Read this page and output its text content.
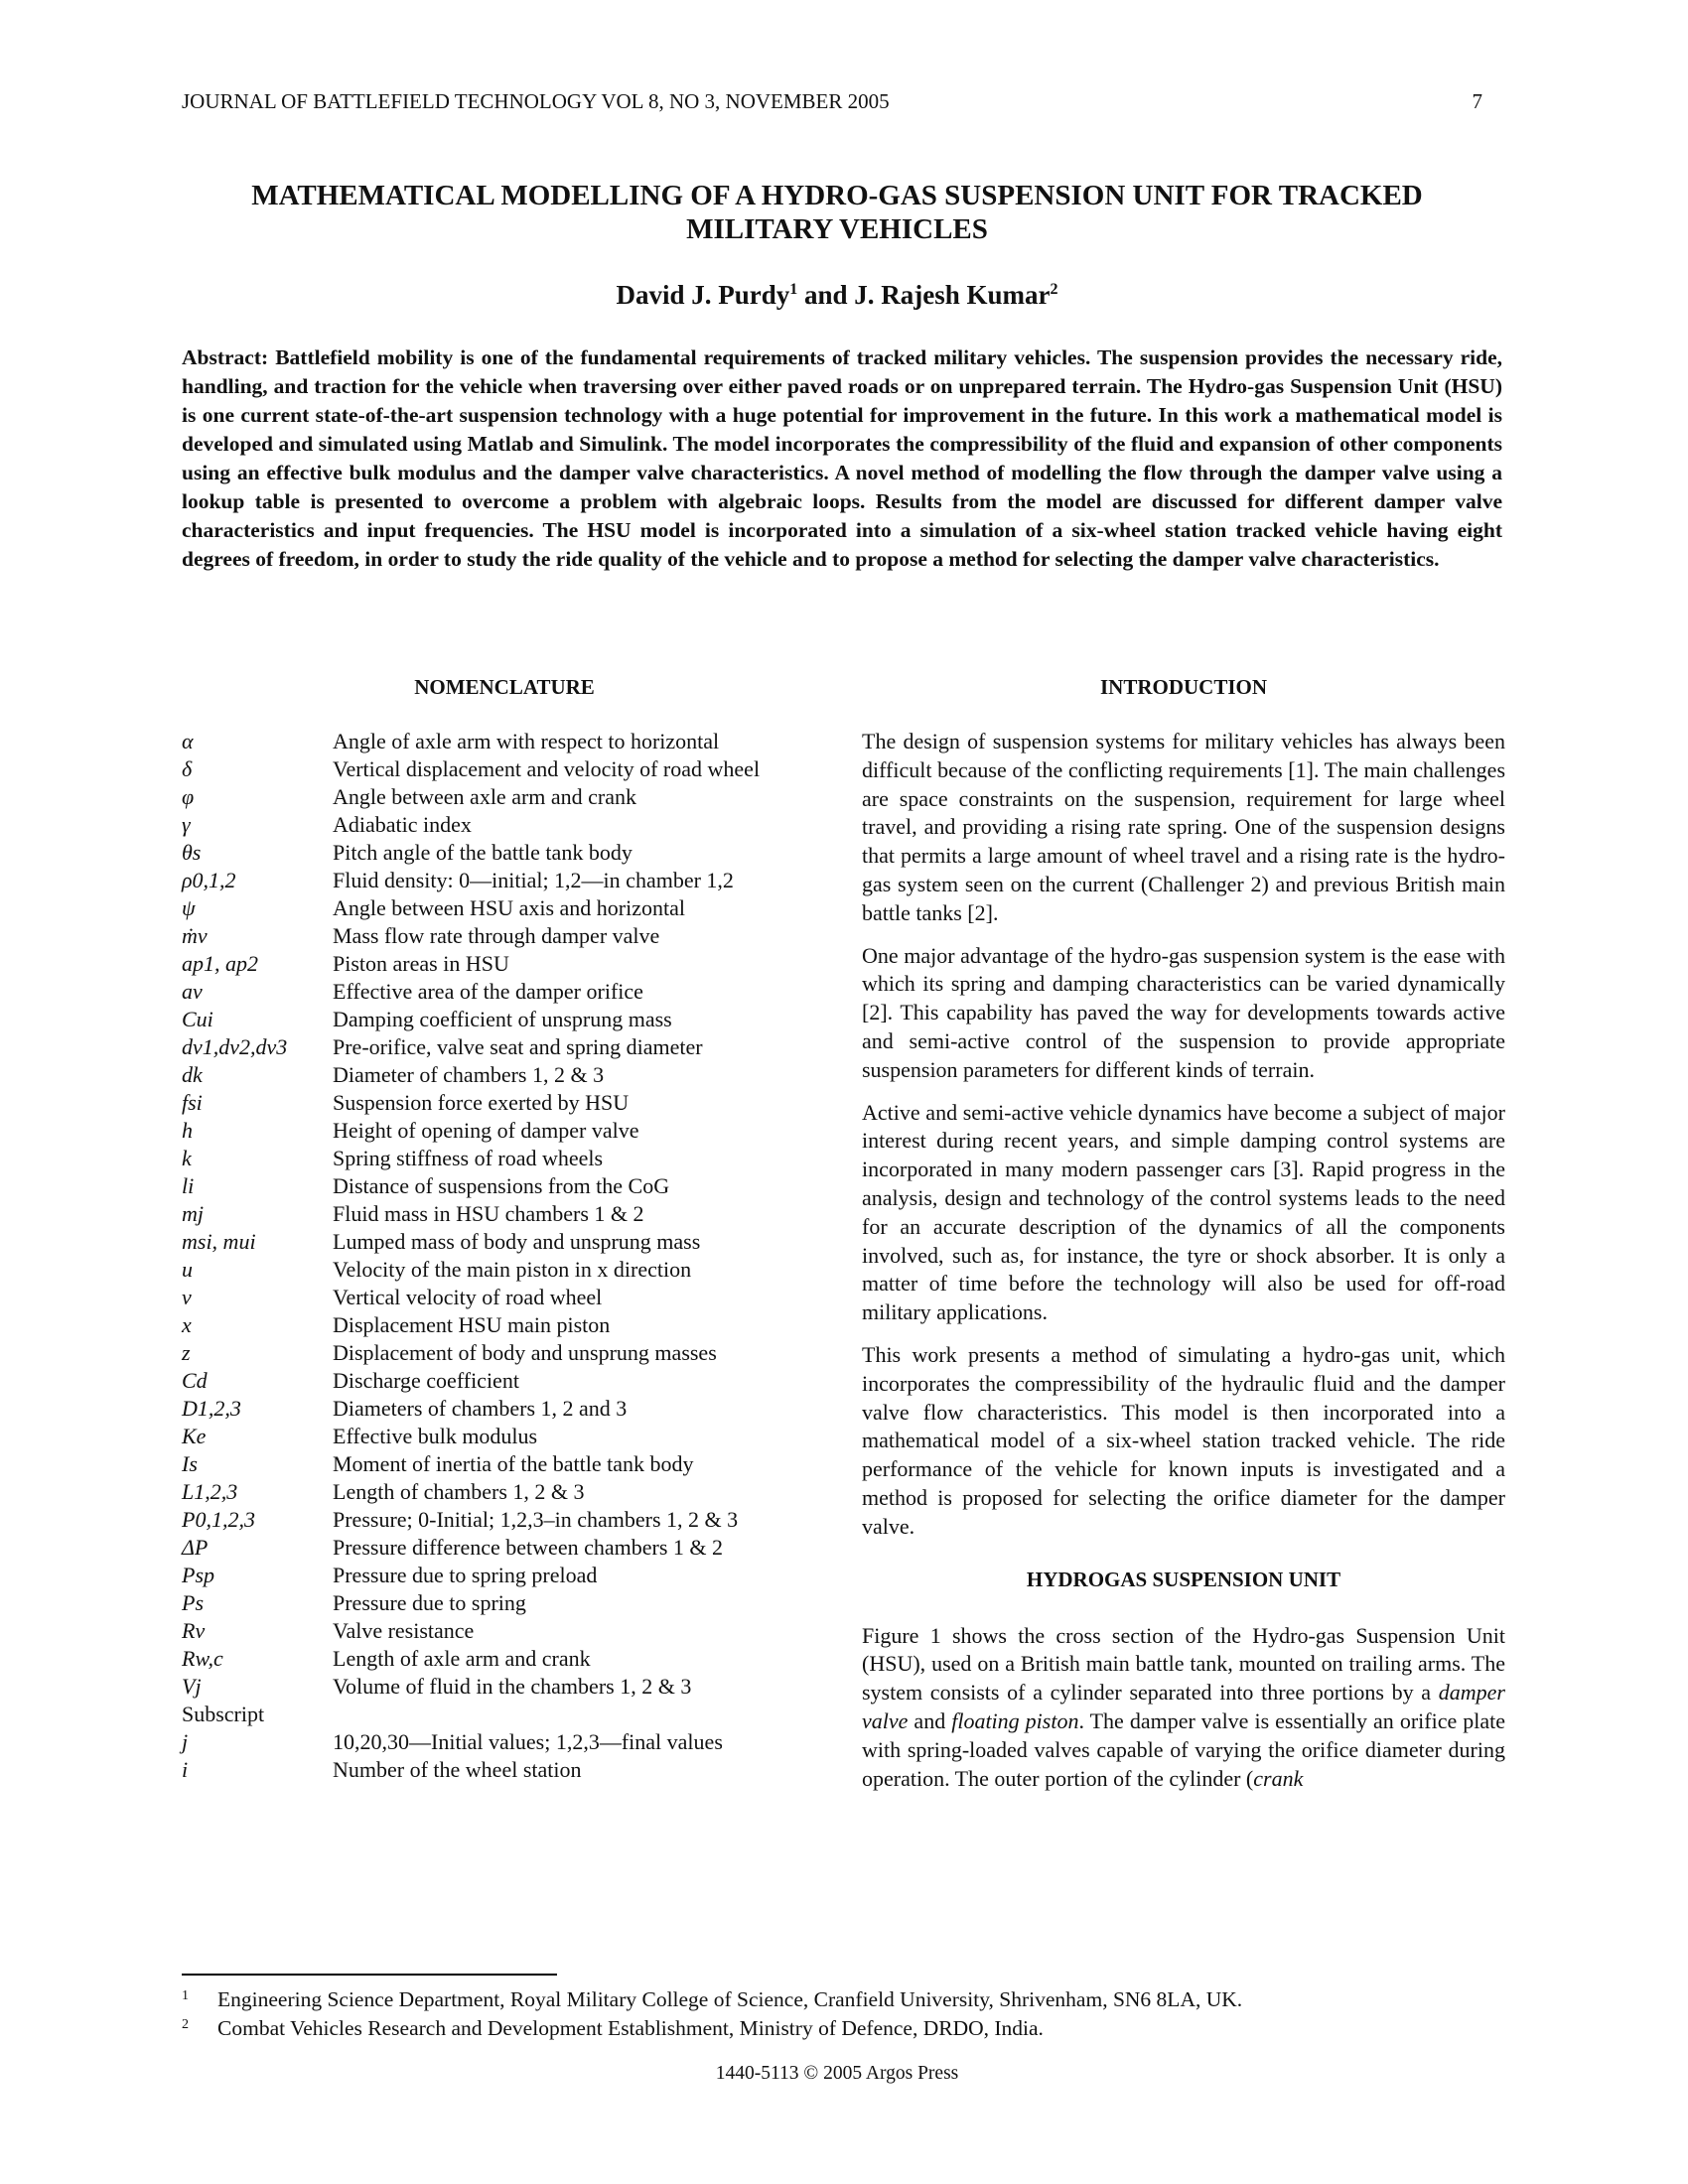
JOURNAL OF BATTLEFIELD TECHNOLOGY VOL 8, NO 3, NOVEMBER 2005	7
MATHEMATICAL MODELLING OF A HYDRO-GAS SUSPENSION UNIT FOR TRACKED
MILITARY VEHICLES
David J. Purdy$^1$ and J. Rajesh Kumar$^2$
Abstract: Battlefield mobility is one of the fundamental requirements of tracked military vehicles. The suspension provides the necessary ride, handling, and traction for the vehicle when traversing over either paved roads or on unprepared terrain. The Hydro-gas Suspension Unit (HSU) is one current state-of-the-art suspension technology with a huge potential for improvement in the future. In this work a mathematical model is developed and simulated using Matlab and Simulink. The model incorporates the compressibility of the fluid and expansion of other components using an effective bulk modulus and the damper valve characteristics. A novel method of modelling the flow through the damper valve using a lookup table is presented to overcome a problem with algebraic loops. Results from the model are discussed for different damper valve characteristics and input frequencies. The HSU model is incorporated into a simulation of a six-wheel station tracked vehicle having eight degrees of freedom, in order to study the ride quality of the vehicle and to propose a method for selecting the damper valve characteristics.
NOMENCLATURE
α	Angle of axle arm with respect to horizontal
δ	Vertical displacement and velocity of road wheel
φ	Angle between axle arm and crank
γ	Adiabatic index
θs	Pitch angle of the battle tank body
ρ0,1,2	Fluid density: 0—initial; 1,2—in chamber 1,2
ψ	Angle between HSU axis and horizontal
ṁv	Mass flow rate through damper valve
ap1, ap2	Piston areas in HSU
av	Effective area of the damper orifice
Cui	Damping coefficient of unsprung mass
dv1,dv2,dv3	Pre-orifice, valve seat and spring diameter
dk	Diameter of chambers 1, 2 & 3
fsi	Suspension force exerted by HSU
h	Height of opening of damper valve
k	Spring stiffness of road wheels
li	Distance of suspensions from the CoG
mj	Fluid mass in HSU chambers 1 & 2
msi, mui	Lumped mass of body and unsprung mass
u	Velocity of the main piston in x direction
v	Vertical velocity of road wheel
x	Displacement HSU main piston
z	Displacement of body and unsprung masses
Cd	Discharge coefficient
D1,2,3	Diameters of chambers 1, 2 and 3
Ke	Effective bulk modulus
Is	Moment of inertia of the battle tank body
L1,2,3	Length of chambers 1, 2 & 3
P0,1,2,3	Pressure; 0-Initial; 1,2,3–in chambers 1, 2 & 3
ΔP	Pressure difference between chambers 1 & 2
Psp	Pressure due to spring preload
Ps	Pressure due to spring
Rv	Valve resistance
Rw,c	Length of axle arm and crank
Vj	Volume of fluid in the chambers 1, 2 & 3
Subscript
j	10,20,30—Initial values; 1,2,3—final values
i	Number of the wheel station
INTRODUCTION

The design of suspension systems for military vehicles has always been difficult because of the conflicting requirements [1]. The main challenges are space constraints on the suspension, requirement for large wheel travel, and providing a rising rate spring. One of the suspension designs that permits a large amount of wheel travel and a rising rate is the hydro-gas system seen on the current (Challenger 2) and previous British main battle tanks [2].

One major advantage of the hydro-gas suspension system is the ease with which its spring and damping characteristics can be varied dynamically [2]. This capability has paved the way for developments towards active and semi-active control of the suspension to provide appropriate suspension parameters for different kinds of terrain.

Active and semi-active vehicle dynamics have become a subject of major interest during recent years, and simple damping control systems are incorporated in many modern passenger cars [3]. Rapid progress in the analysis, design and technology of the control systems leads to the need for an accurate description of the dynamics of all the components involved, such as, for instance, the tyre or shock absorber. It is only a matter of time before the technology will also be used for off-road military applications.

This work presents a method of simulating a hydro-gas unit, which incorporates the compressibility of the hydraulic fluid and the damper valve flow characteristics. This model is then incorporated into a mathematical model of a six-wheel station tracked vehicle. The ride performance of the vehicle for known inputs is investigated and a method is proposed for selecting the orifice diameter for the damper valve.

HYDROGAS SUSPENSION UNIT

Figure 1 shows the cross section of the Hydro-gas Suspension Unit (HSU), used on a British main battle tank, mounted on trailing arms. The system consists of a cylinder separated into three portions by a damper valve and floating piston. The damper valve is essentially an orifice plate with spring-loaded valves capable of varying the orifice diameter during operation. The outer portion of the cylinder (crank

1	Engineering Science Department, Royal Military College of Science, Cranfield University, Shrivenham, SN6 8LA, UK.
2	Combat Vehicles Research and Development Establishment, Ministry of Defence, DRDO, India.
1440-5113 © 2005 Argos Press
